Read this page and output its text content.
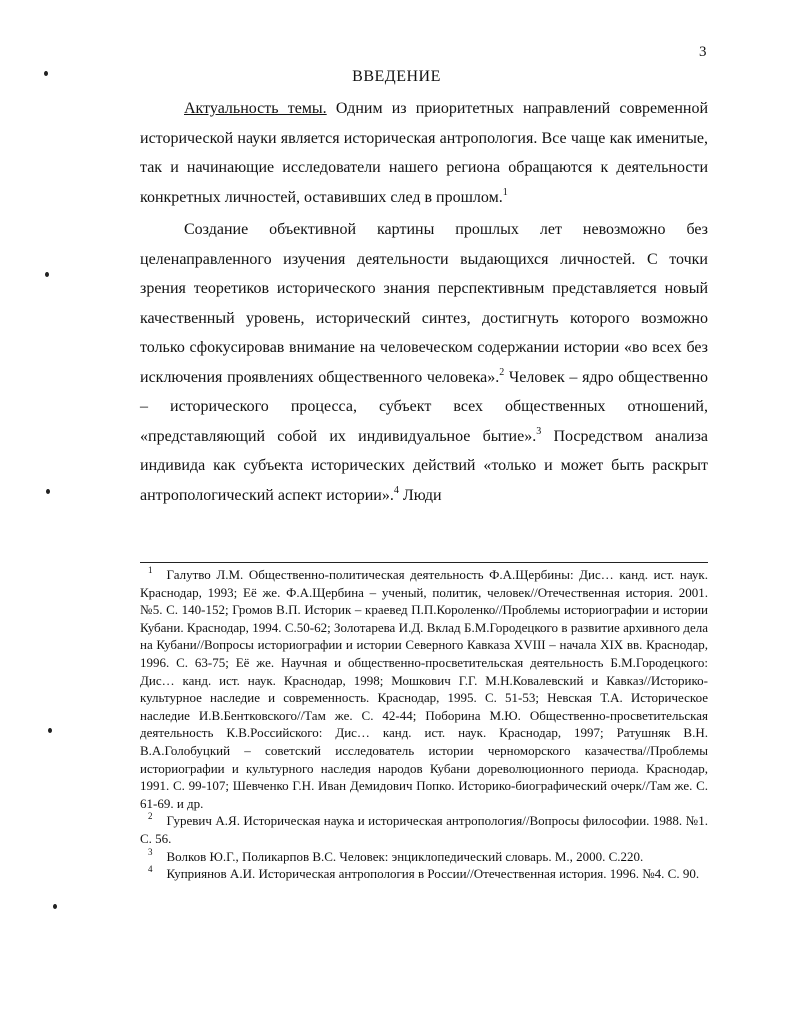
3
ВВЕДЕНИЕ

Актуальность темы. Одним из приоритетных направлений современной исторической науки является историческая антропология. Все чаще как именитые, так и начинающие исследователи нашего региона обращаются к деятельности конкретных личностей, оставивших след в прошлом.$^1$

Создание объективной картины прошлых лет невозможно без целенаправленного изучения деятельности выдающихся личностей. С точки зрения теоретиков исторического знания перспективным представляется новый качественный уровень, исторический синтез, достигнуть которого возможно только сфокусировав внимание на человеческом содержании истории «во всех без исключения проявлениях общественного человека».$^2$ Человек – ядро общественно – исторического процесса, субъект всех общественных отношений, «представляющий собой их индивидуальное бытие».$^3$ Посредством анализа индивида как субъекта исторических действий «только и может быть раскрыт антропологический аспект истории».$^4$ Люди

$^1$ Галутво Л.М. Общественно-политическая деятельность Ф.А.Щербины: Дис… канд. ист. наук. Краснодар, 1993; Её же. Ф.А.Щербина – ученый, политик, человек//Отечественная история. 2001. №5. С. 140-152; Громов В.П. Историк – краевед П.П.Короленко//Проблемы историографии и истории Кубани. Краснодар, 1994. С.50-62; Золотарева И.Д. Вклад Б.М.Городецкого в развитие архивного дела на Кубани//Вопросы историографии и истории Северного Кавказа XVIII – начала XIX вв. Краснодар, 1996. С. 63-75; Её же. Научная и общественно-просветительская деятельность Б.М.Городецкого: Дис… канд. ист. наук. Краснодар, 1998; Мошкович Г.Г. М.Н.Ковалевский и Кавказ//Историко-культурное наследие и современность. Краснодар, 1995. С. 51-53; Невская Т.А. Историческое наследие И.В.Бентковского//Там же. С. 42-44; Поборина М.Ю. Общественно-просветительская деятельность К.В.Российского: Дис… канд. ист. наук. Краснодар, 1997; Ратушняк В.Н. В.А.Голобуцкий – советский исследователь истории черноморского казачества//Проблемы историографии и культурного наследия народов Кубани дореволюционного периода. Краснодар, 1991. С. 99-107; Шевченко Г.Н. Иван Демидович Попко. Историко-биографический очерк//Там же. С. 61-69. и др.

$^2$ Гуревич А.Я. Историческая наука и историческая антропология//Вопросы философии. 1988. №1. С. 56.

$^3$ Волков Ю.Г., Поликарпов В.С. Человек: энциклопедический словарь. М., 2000. С.220.

$^4$ Куприянов А.И. Историческая антропология в России//Отечественная история. 1996. №4. С. 90.
